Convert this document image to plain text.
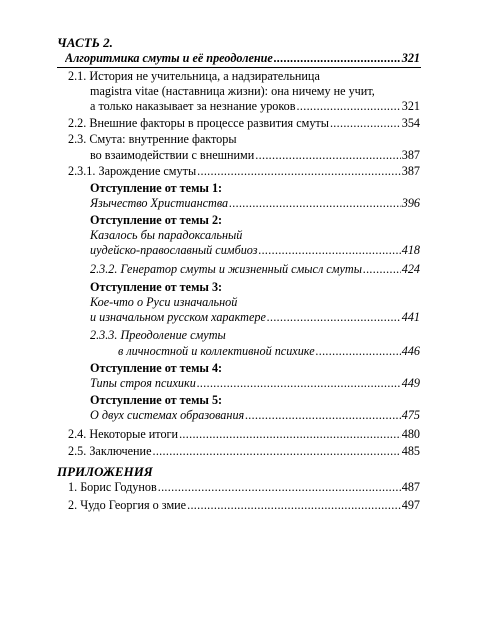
ЧАСТЬ 2.
Алгоритмика смуты и её преодоление .....	321
2.1. История не учительница, а надзирательница
magistra vitae (наставница жизни): она ничему не учит,
а только наказывает за незнание уроков .....	321
2.2. Внешние факторы в процессе развития смуты .....	354
2.3. Смута: внутренние факторы
во взаимодействии с внешними .....	387
2.3.1. Зарождение смуты .....	387
Отступление от темы 1:
Язычество Христианства .....	396
Отступление от темы 2:
Казалось бы парадоксальный
иудейско-православный симбиоз .....	418
2.3.2. Генератор смуты и жизненный смысл смуты .....	424
Отступление от темы 3:
Кое-что о Руси изначальной
и изначальном русском характере .....	441
2.3.3. Преодоление смуты
в личностной и коллективной психике .....	446
Отступление от темы 4:
Типы строя психики .....	449
Отступление от темы 5:
О двух системах образования .....	475
2.4. Некоторые итоги .....	480
2.5. Заключение .....	485
ПРИЛОЖЕНИЯ
1. Борис Годунов .....	487
2. Чудо Георгия о змие .....	497
